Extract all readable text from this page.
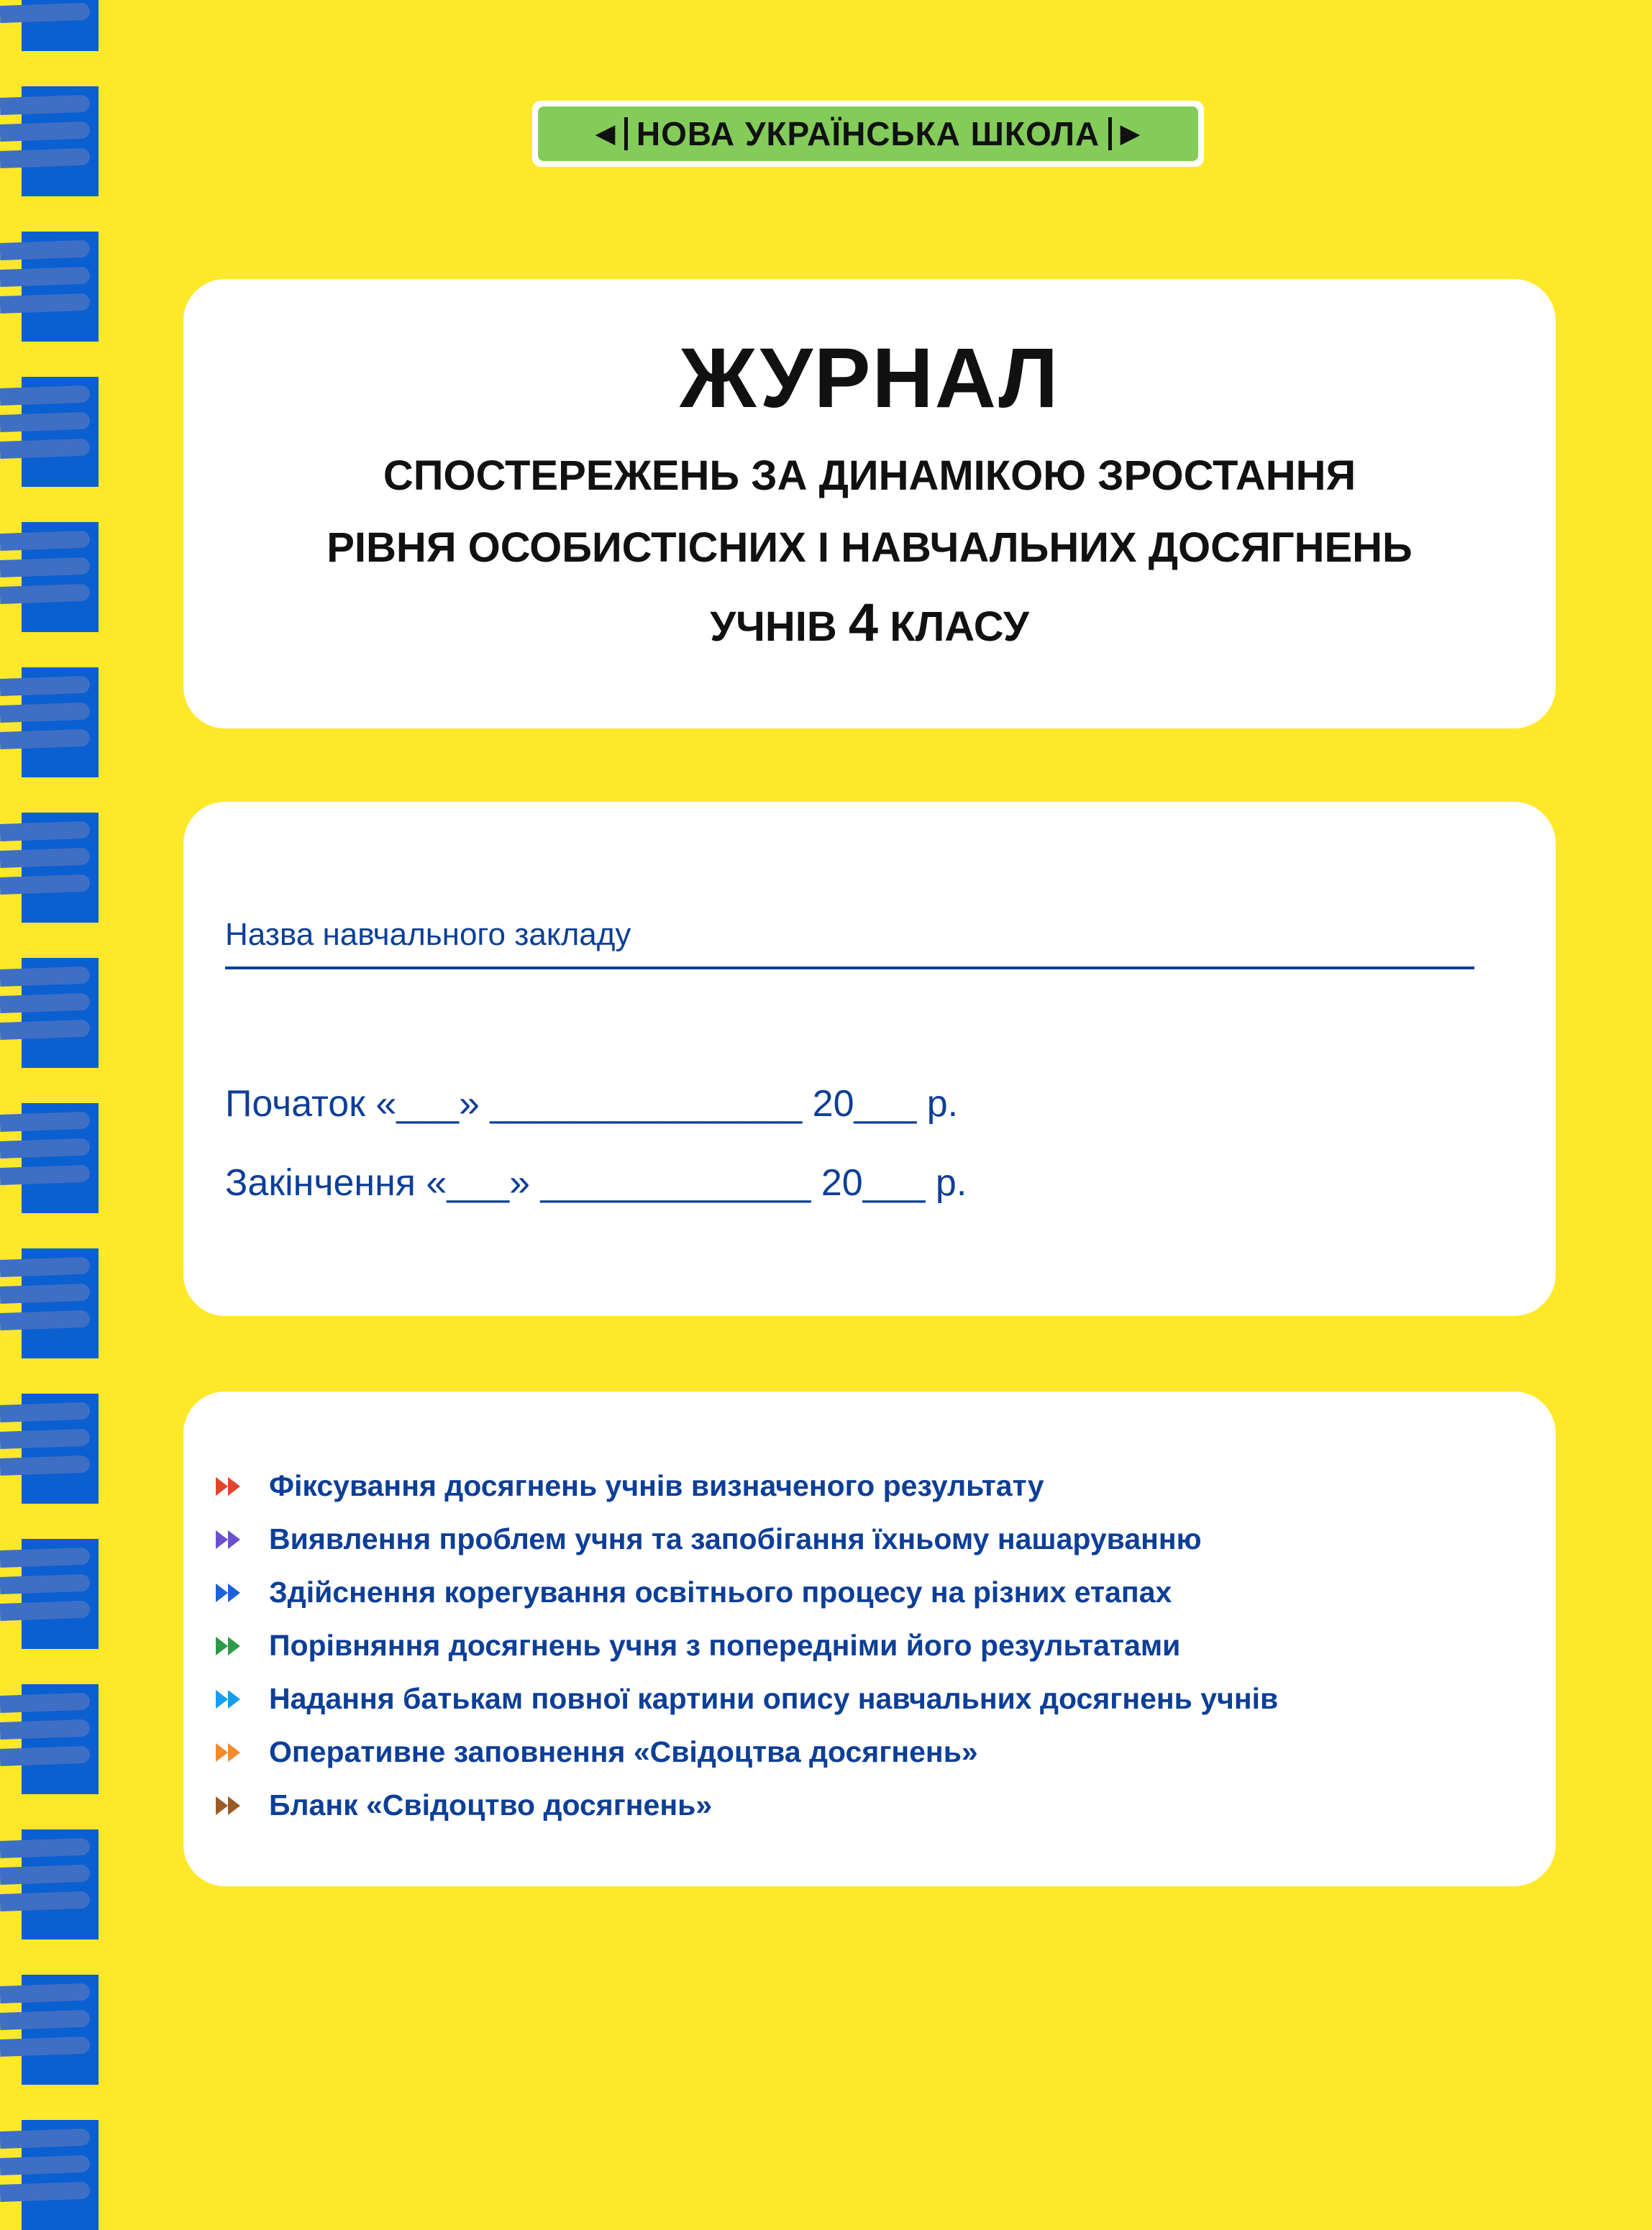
◀ НОВА УКРАЇНСЬКА ШКОЛА ▶
ЖУРНАЛ
СПОСТЕРЕЖЕНЬ ЗА ДИНАМІКОЮ ЗРОСТАННЯ
РІВНЯ ОСОБИСТІСНИХ І НАВЧАЛЬНИХ ДОСЯГНЕНЬ
УЧНІВ 4 КЛАСУ
Назва навчального закладу
Початок «___» _______________ 20___ р.
Закінчення «___» _____________ 20___ р.
Фіксування досягнень учнів визначеного результату
Виявлення проблем учня та запобігання їхньому нашаруванню
Здійснення корегування освітнього процесу на різних етапах
Порівняння досягнень учня з попередніми його результатами
Надання батькам повної картини опису навчальних досягнень учнів
Оперативне заповнення «Свідоцтва досягнень»
Бланк «Свідоцтво досягнень»
